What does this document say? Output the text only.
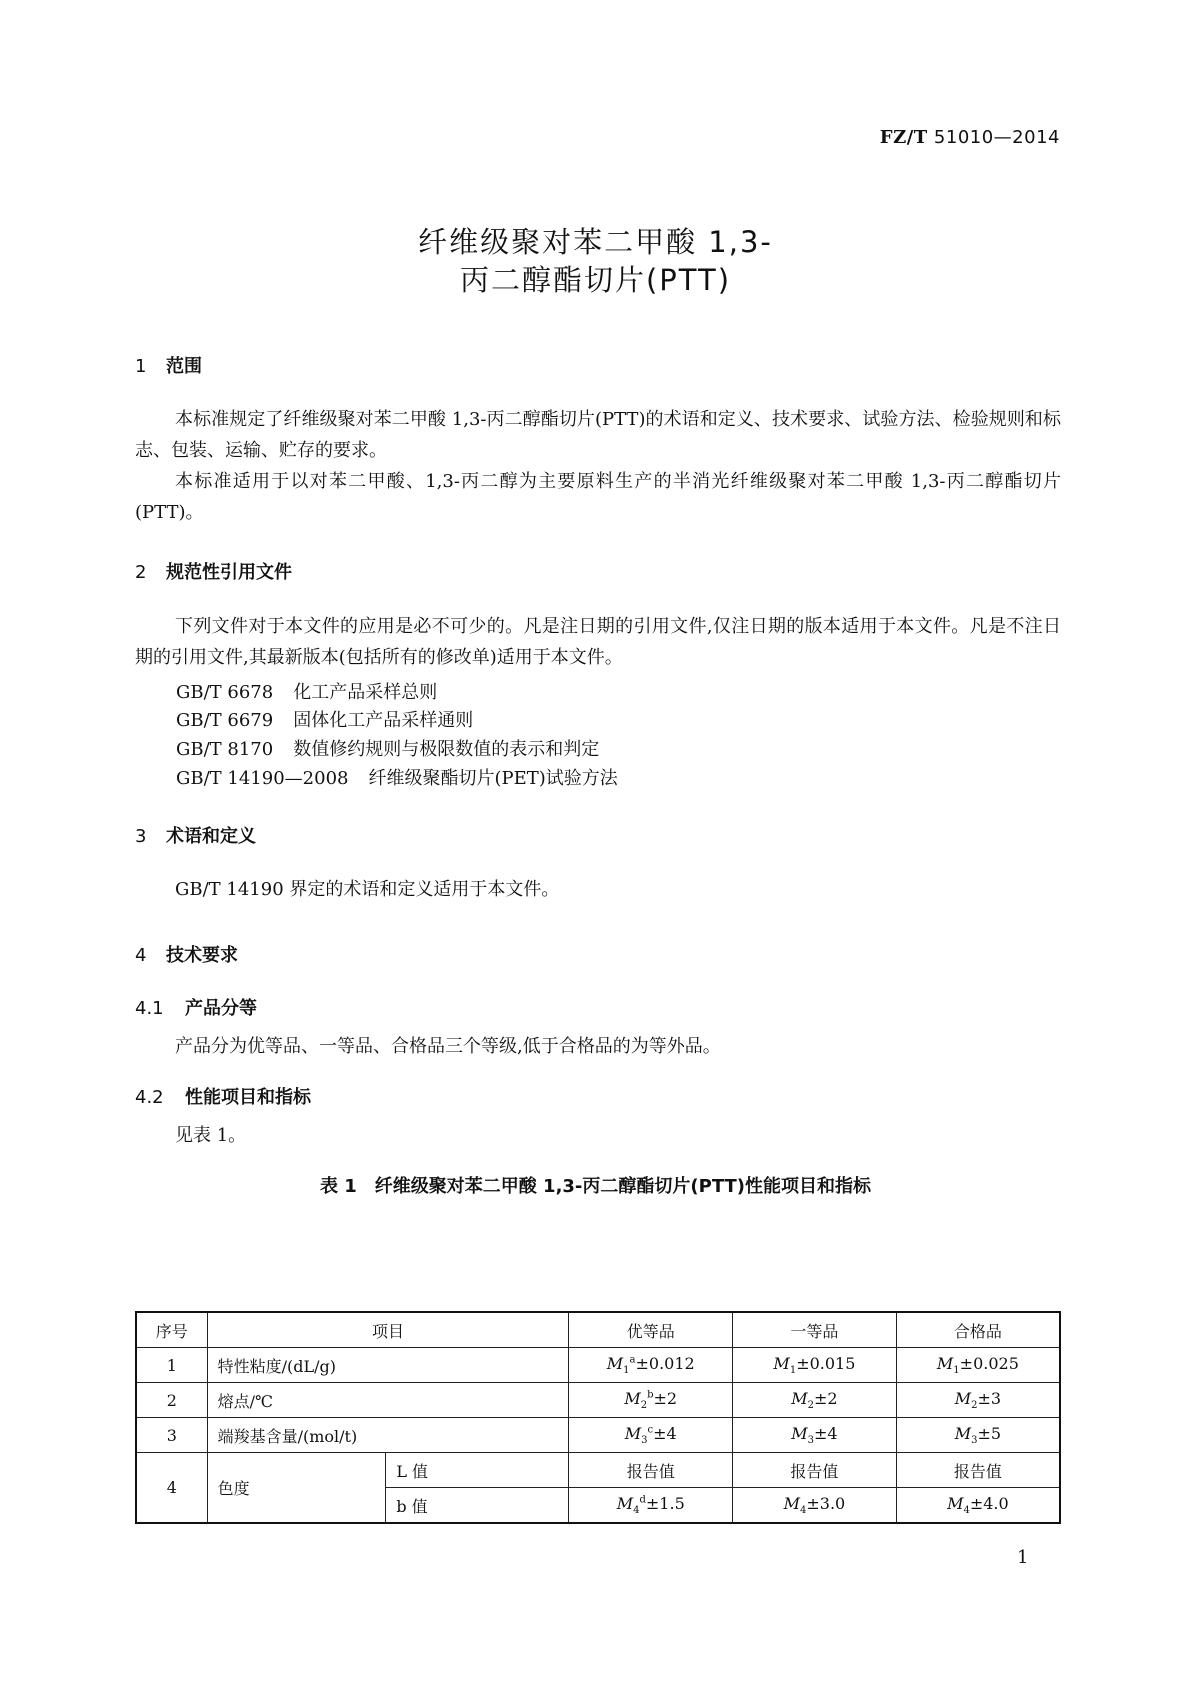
FZ/T 51010—2014
纤维级聚对苯二甲酸 1,3-
丙二醇酯切片(PTT)
1 范围

本标准规定了纤维级聚对苯二甲酸 1,3-丙二醇酯切片(PTT)的术语和定义、技术要求、试验方法、检验规则和标志、包装、运输、贮存的要求。

本标准适用于以对苯二甲酸、1,3-丙二醇为主要原料生产的半消光纤维级聚对苯二甲酸 1,3-丙二醇酯切片(PTT)。

2 规范性引用文件

下列文件对于本文件的应用是必不可少的。凡是注日期的引用文件,仅注日期的版本适用于本文件。凡是不注日期的引用文件,其最新版本(包括所有的修改单)适用于本文件。

GB/T 6678 化工产品采样总则
GB/T 6679 固体化工产品采样通则
GB/T 8170 数值修约规则与极限数值的表示和判定
GB/T 14190—2008 纤维级聚酯切片(PET)试验方法
3 术语和定义

GB/T 14190 界定的术语和定义适用于本文件。

4 技术要求
4.1 产品分等

产品分为优等品、一等品、合格品三个等级,低于合格品的为等外品。

4.2 性能项目和指标

见表 1。

表 1　纤维级聚对苯二甲酸 1,3-丙二醇酯切片(PTT)性能项目和指标
序号	项目		优等品	一等品	合格品
1	特性粘度/(dL/g)		$M_1^a\pm 0.012$	$M_1\pm 0.015$	$M_1\pm 0.025$
2	熔点/℃		$M_2^b\pm 2$	$M_2\pm 2$	$M_2\pm 3$
3	端羧基含量/(mol/t)		$M_3^c\pm 4$	$M_3\pm 4$	$M_3\pm 5$
4	色度	L 值	报告值	报告值	报告值
		b 值	$M_4^d\pm 1.5$	$M_4\pm 3.0$	$M_4\pm 4.0$
1
